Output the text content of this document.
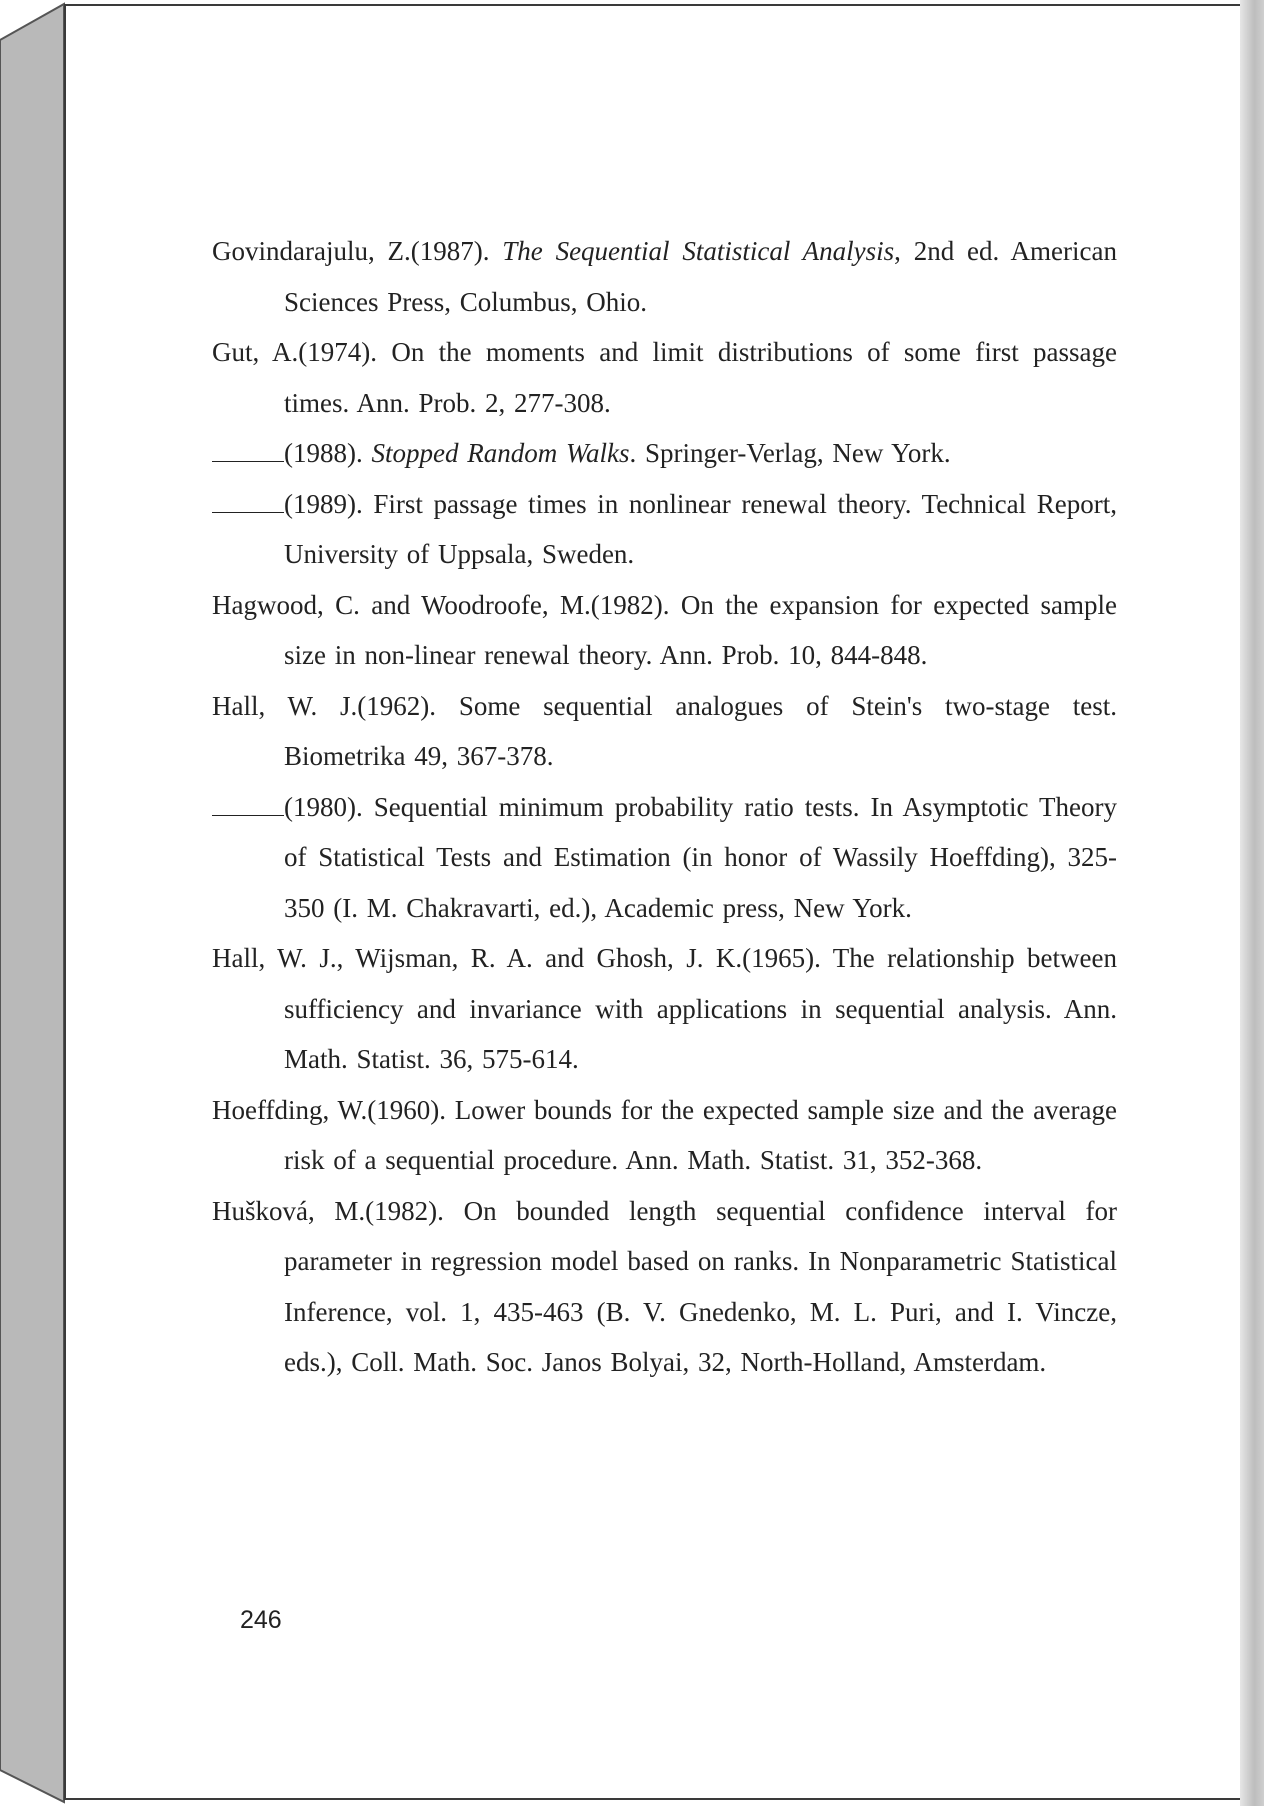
Govindarajulu, Z.(1987). The Sequential Statistical Analysis, 2nd ed. American Sciences Press, Columbus, Ohio.

Gut, A.(1974). On the moments and limit distributions of some first passage times. Ann. Prob. 2, 277-308.

(1988). Stopped Random Walks. Springer-Verlag, New York.

(1989). First passage times in nonlinear renewal theory. Technical Report, University of Uppsala, Sweden.

Hagwood, C. and Woodroofe, M.(1982). On the expansion for expected sample size in non-linear renewal theory. Ann. Prob. 10, 844-848.

Hall, W. J.(1962). Some sequential analogues of Stein's two-stage test. Biometrika 49, 367-378.

(1980). Sequential minimum probability ratio tests. In Asymptotic Theory of Statistical Tests and Estimation (in honor of Wassily Hoeffding), 325-350 (I. M. Chakravarti, ed.), Academic press, New York.

Hall, W. J., Wijsman, R. A. and Ghosh, J. K.(1965). The relationship between sufficiency and invariance with applications in sequential analysis. Ann. Math. Statist. 36, 575-614.

Hoeffding, W.(1960). Lower bounds for the expected sample size and the average risk of a sequential procedure. Ann. Math. Statist. 31, 352-368.

Hušková, M.(1982). On bounded length sequential confidence interval for parameter in regression model based on ranks. In Nonparametric Statistical Inference, vol. 1, 435-463 (B. V. Gnedenko, M. L. Puri, and I. Vincze, eds.), Coll. Math. Soc. Janos Bolyai, 32, North-Holland, Amsterdam.

246
